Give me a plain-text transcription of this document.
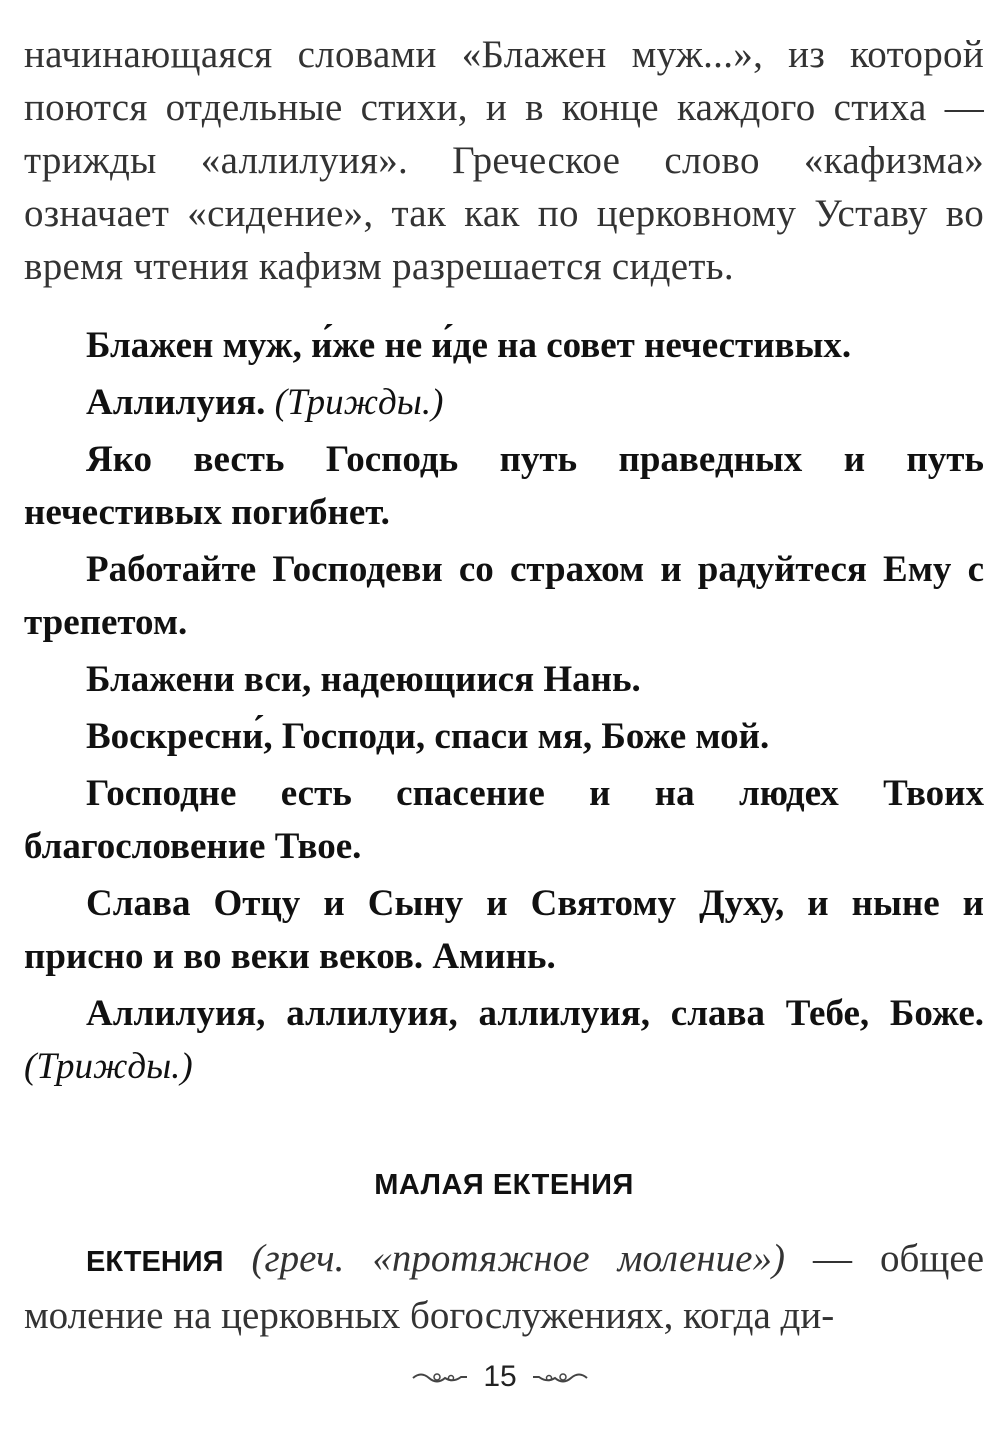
начинающаяся словами «Блажен муж...», из которой поются отдельные стихи, и в конце каждого стиха — трижды «аллилуия». Греческое слово «кафизма» означает «сидение», так как по церковному Уставу во время чтения кафизм разрешается сидеть.

Блажен муж, и́же не и́де на совет нечестивых.

Аллилуия. (Трижды.)

Яко весть Господь путь праведных и путь нечестивых погибнет.

Работайте Господеви со страхом и радуйтеся Ему с трепетом.

Блажени вси, надеющиися Нань.

Воскресни́, Господи, спаси мя, Боже мой.

Господне есть спасение и на людех Твоих благословение Твое.

Слава Отцу и Сыну и Святому Духу, и ныне и присно и во веки веков. Аминь.

Аллилуия, аллилуия, аллилуия, слава Тебе, Боже. (Трижды.)

МАЛАЯ ЕКТЕНИЯ

ЕКТЕНИЯ (греч. «протяжное моление») — общее моление на церковных богослужениях, когда ди-

15
